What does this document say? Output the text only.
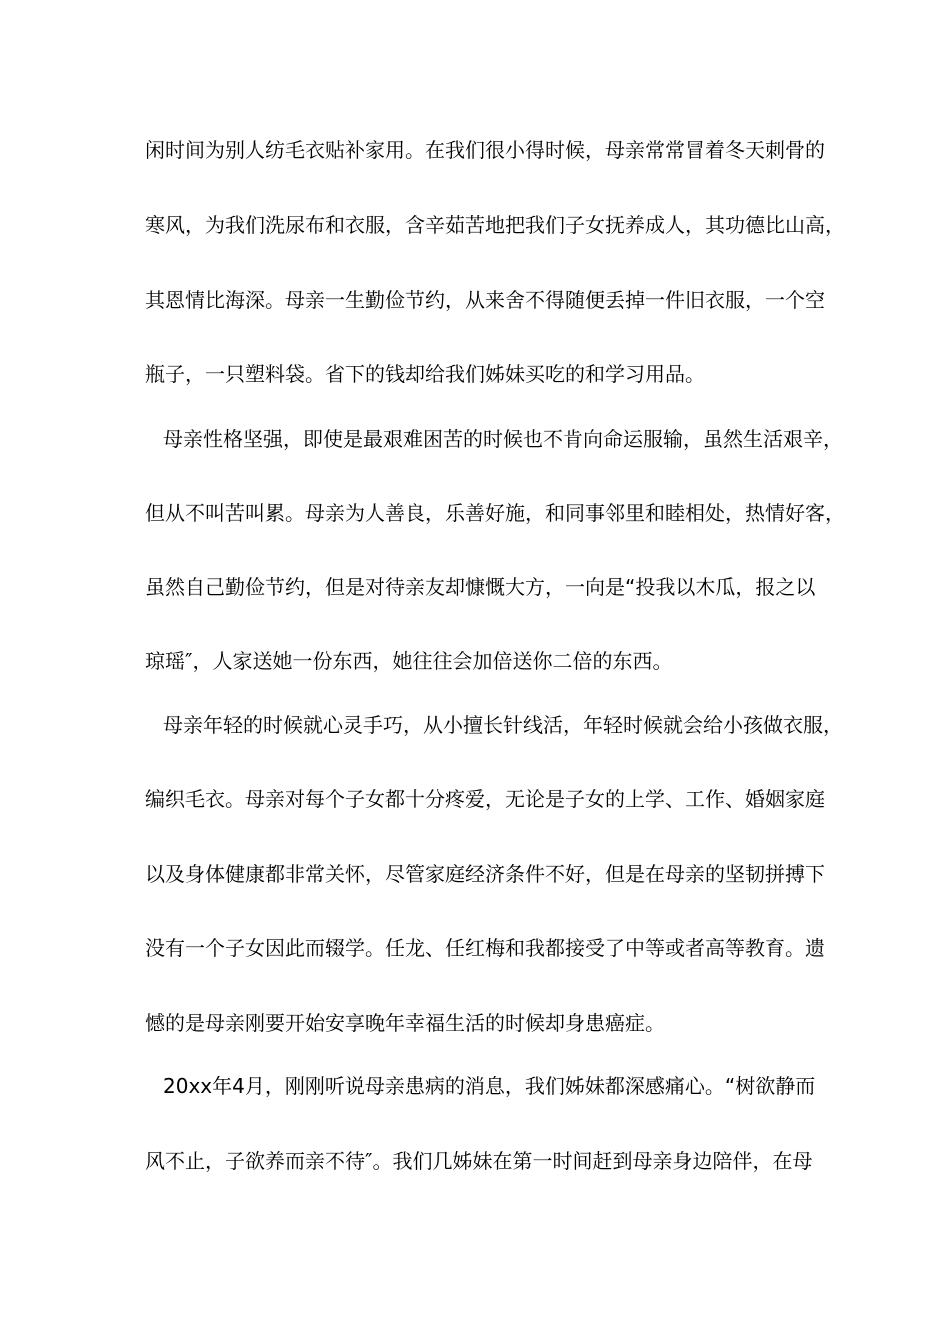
闲时间为别人纺毛衣贴补家用。在我们很小得时候，母亲常常冒着冬天刺骨的
寒风，为我们洗尿布和衣服，含辛茹苦地把我们子女抚养成人，其功德比山高，
其恩情比海深。母亲一生勤俭节约，从来舍不得随便丢掉一件旧衣服，一个空
瓶子，一只塑料袋。省下的钱却给我们姊妹买吃的和学习用品。
母亲性格坚强，即使是最艰难困苦的时候也不肯向命运服输，虽然生活艰辛，
但从不叫苦叫累。母亲为人善良，乐善好施，和同事邻里和睦相处，热情好客，
虽然自己勤俭节约，但是对待亲友却慷慨大方，一向是“投我以木瓜，报之以
琼瑶″，人家送她一份东西，她往往会加倍送你二倍的东西。
母亲年轻的时候就心灵手巧，从小擅长针线活，年轻时候就会给小孩做衣服，
编织毛衣。母亲对每个子女都十分疼爱，无论是子女的上学、工作、婚姻家庭
以及身体健康都非常关怀，尽管家庭经济条件不好，但是在母亲的坚韧拼搏下
没有一个子女因此而辍学。任龙、任红梅和我都接受了中等或者高等教育。遗
憾的是母亲刚要开始安享晚年幸福生活的时候却身患癌症。
20xx年4月，刚刚听说母亲患病的消息，我们姊妹都深感痛心。“树欲静而
风不止，子欲养而亲不待″。我们几姊妹在第一时间赶到母亲身边陪伴，在母
